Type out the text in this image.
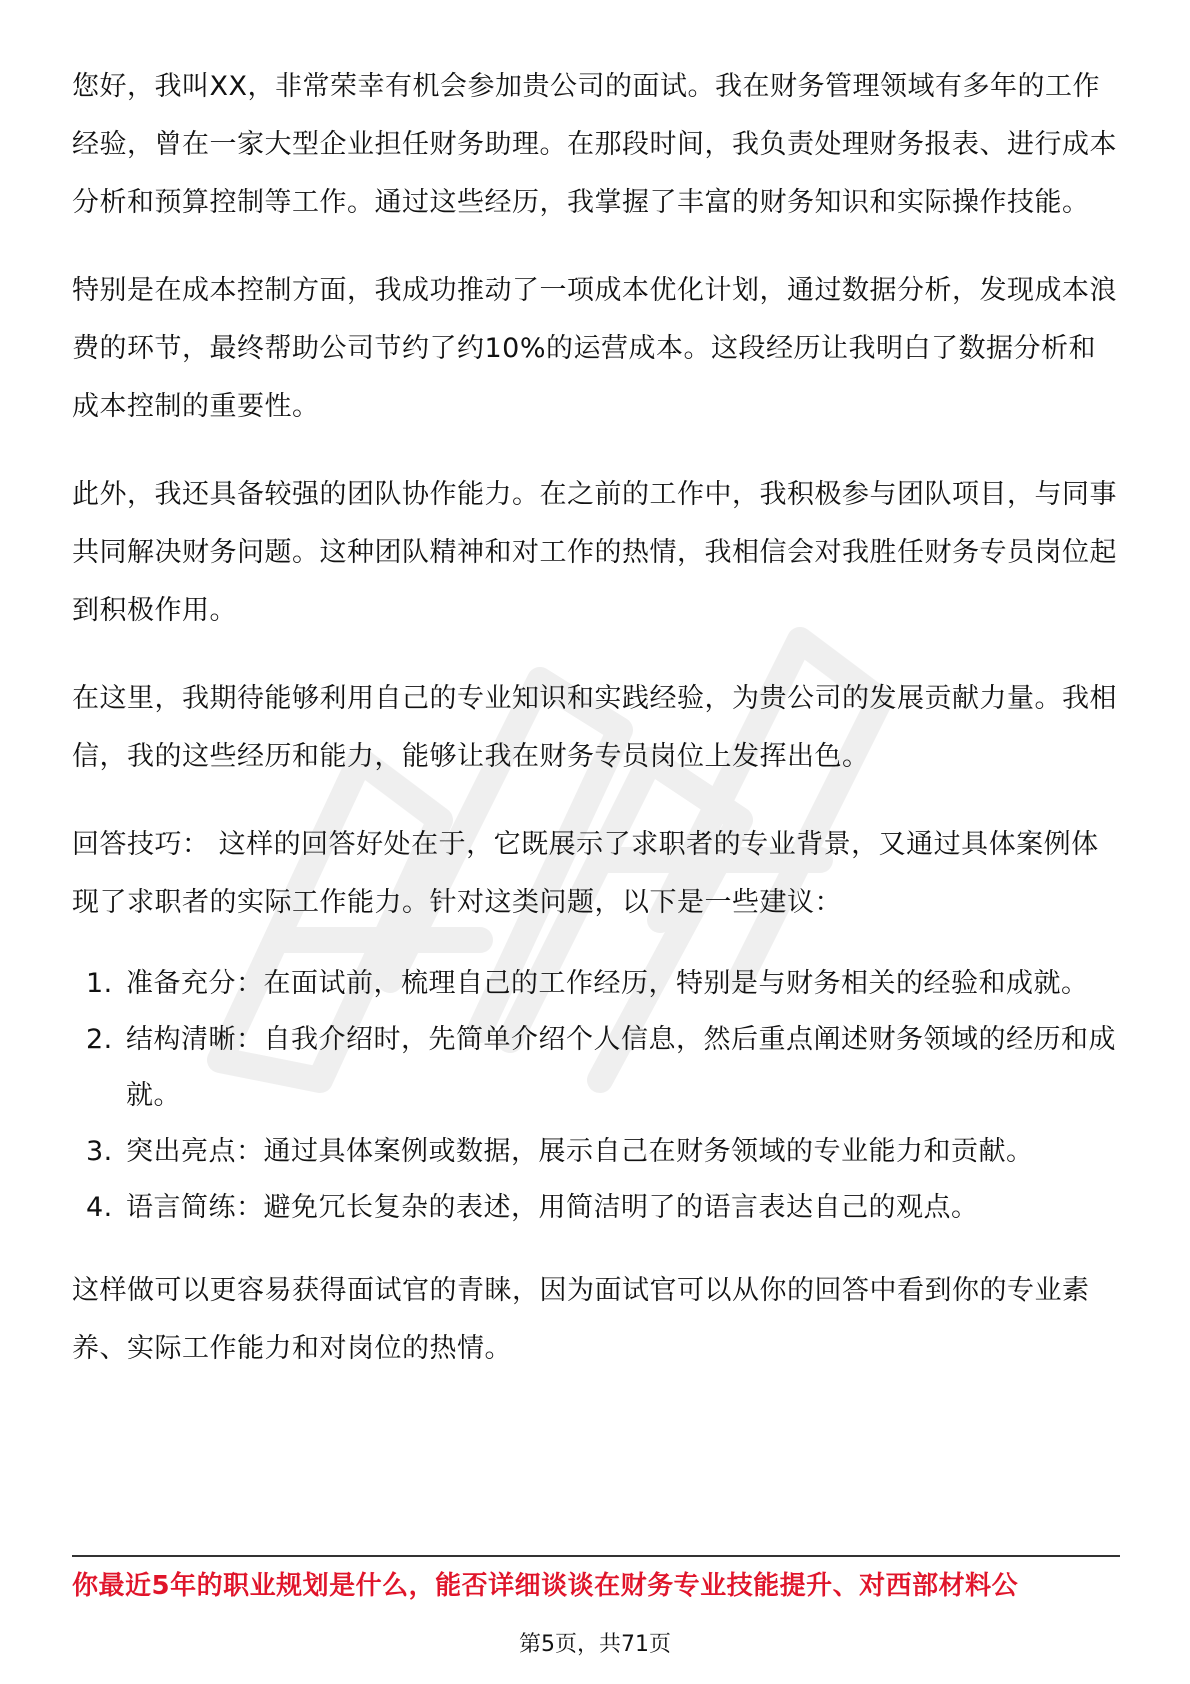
您好，我叫XX，非常荣幸有机会参加贵公司的面试。我在财务管理领域有多年的工作经验，曾在一家大型企业担任财务助理。在那段时间，我负责处理财务报表、进行成本分析和预算控制等工作。通过这些经历，我掌握了丰富的财务知识和实际操作技能。

特别是在成本控制方面，我成功推动了一项成本优化计划，通过数据分析，发现成本浪费的环节，最终帮助公司节约了约10%的运营成本。这段经历让我明白了数据分析和成本控制的重要性。

此外，我还具备较强的团队协作能力。在之前的工作中，我积极参与团队项目，与同事共同解决财务问题。这种团队精神和对工作的热情，我相信会对我胜任财务专员岗位起到积极作用。

在这里，我期待能够利用自己的专业知识和实践经验，为贵公司的发展贡献力量。我相信，我的这些经历和能力，能够让我在财务专员岗位上发挥出色。

回答技巧： 这样的回答好处在于，它既展示了求职者的专业背景，又通过具体案例体现了求职者的实际工作能力。针对这类问题，以下是一些建议：

1. 准备充分：在面试前，梳理自己的工作经历，特别是与财务相关的经验和成就。
2. 结构清晰：自我介绍时，先简单介绍个人信息，然后重点阐述财务领域的经历和成就。
3. 突出亮点：通过具体案例或数据，展示自己在财务领域的专业能力和贡献。
4. 语言简练：避免冗长复杂的表述，用简洁明了的语言表达自己的观点。

这样做可以更容易获得面试官的青睐，因为面试官可以从你的回答中看到你的专业素养、实际工作能力和对岗位的热情。

你最近5年的职业规划是什么，能否详细谈谈在财务专业技能提升、对西部材料公
第5页，共71页
